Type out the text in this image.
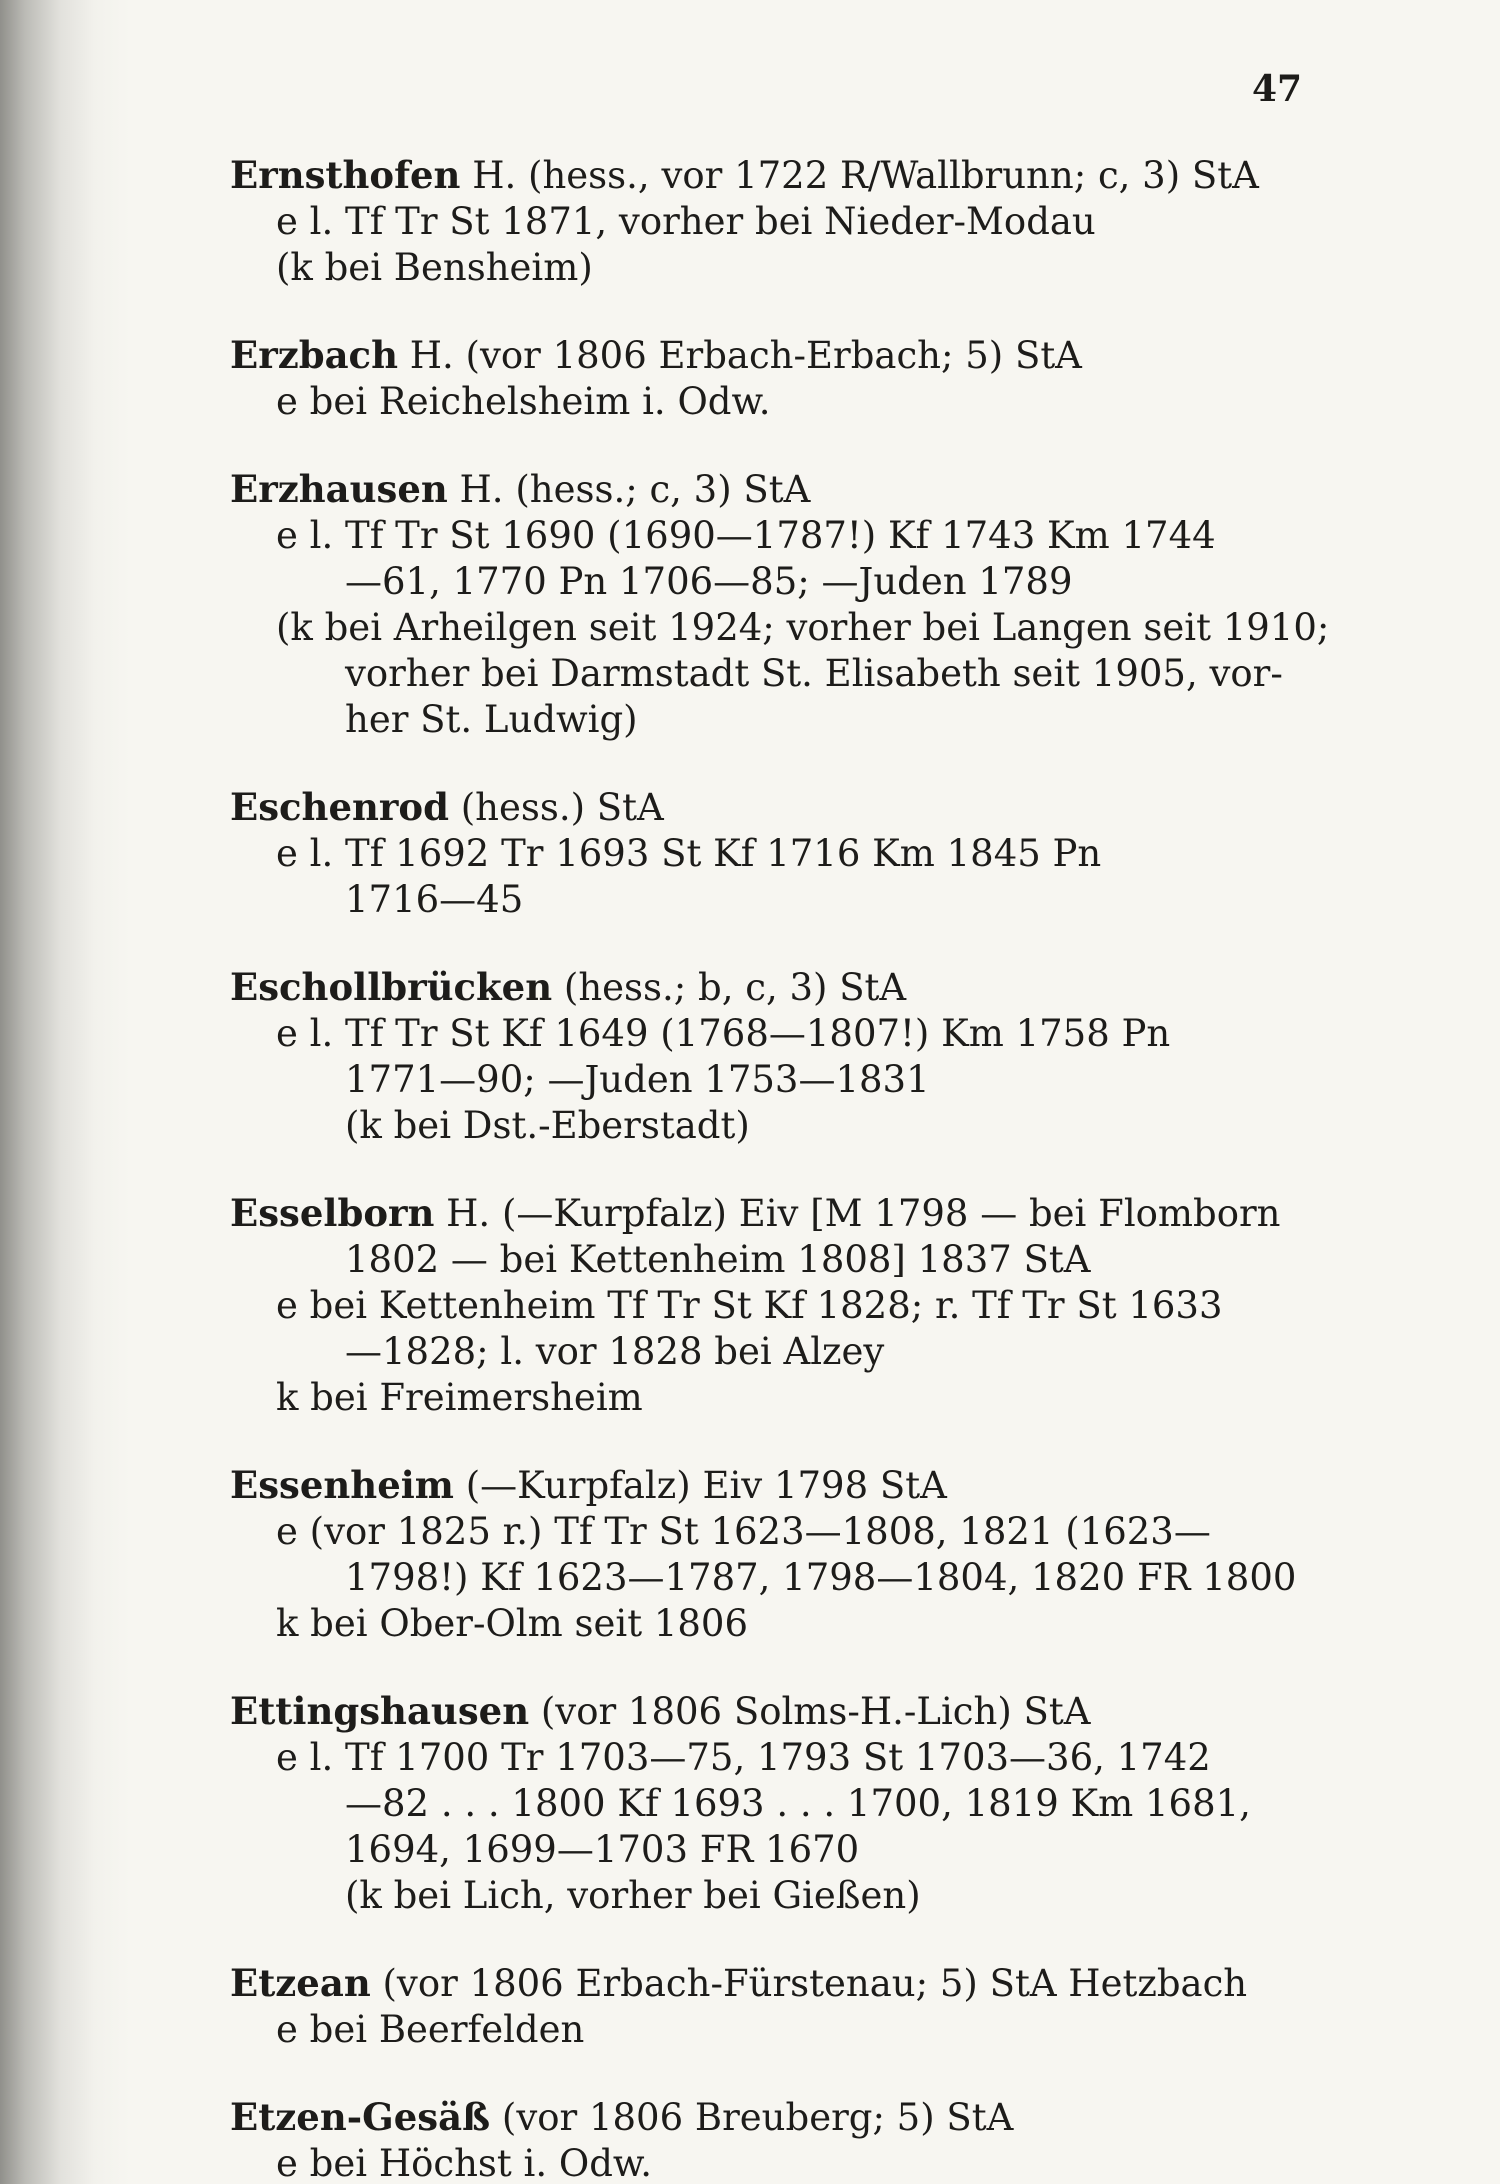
47
Ernsthofen H. (hess., vor 1722 R/Wallbrunn; c, 3) StA
e l. Tf Tr St 1871, vorher bei Nieder-Modau
(k bei Bensheim)
Erzbach H. (vor 1806 Erbach-Erbach; 5) StA
e bei Reichelsheim i. Odw.
Erzhausen H. (hess.; c, 3) StA
e l. Tf Tr St 1690 (1690—1787!) Kf 1743 Km 1744
—61, 1770 Pn 1706—85; —Juden 1789
(k bei Arheilgen seit 1924; vorher bei Langen seit 1910;
vorher bei Darmstadt St. Elisabeth seit 1905, vor-
her St. Ludwig)
Eschenrod (hess.) StA
e l. Tf 1692 Tr 1693 St Kf 1716 Km 1845 Pn
1716—45
Eschollbrücken (hess.; b, c, 3) StA
e l. Tf Tr St Kf 1649 (1768—1807!) Km 1758 Pn
1771—90; —Juden 1753—1831
(k bei Dst.-Eberstadt)
Esselborn H. (—Kurpfalz) Eiv [M 1798 — bei Flomborn
1802 — bei Kettenheim 1808] 1837 StA
e bei Kettenheim Tf Tr St Kf 1828; r. Tf Tr St 1633
—1828; l. vor 1828 bei Alzey
k bei Freimersheim
Essenheim (—Kurpfalz) Eiv 1798 StA
e (vor 1825 r.) Tf Tr St 1623—1808, 1821 (1623—
1798!) Kf 1623—1787, 1798—1804, 1820 FR 1800
k bei Ober-Olm seit 1806
Ettingshausen (vor 1806 Solms-H.-Lich) StA
e l. Tf 1700 Tr 1703—75, 1793 St 1703—36, 1742
—82 . . . 1800 Kf 1693 . . . 1700, 1819 Km 1681,
1694, 1699—1703 FR 1670
(k bei Lich, vorher bei Gießen)
Etzean (vor 1806 Erbach-Fürstenau; 5) StA Hetzbach
e bei Beerfelden
Etzen-Gesäß (vor 1806 Breuberg; 5) StA
e bei Höchst i. Odw.
